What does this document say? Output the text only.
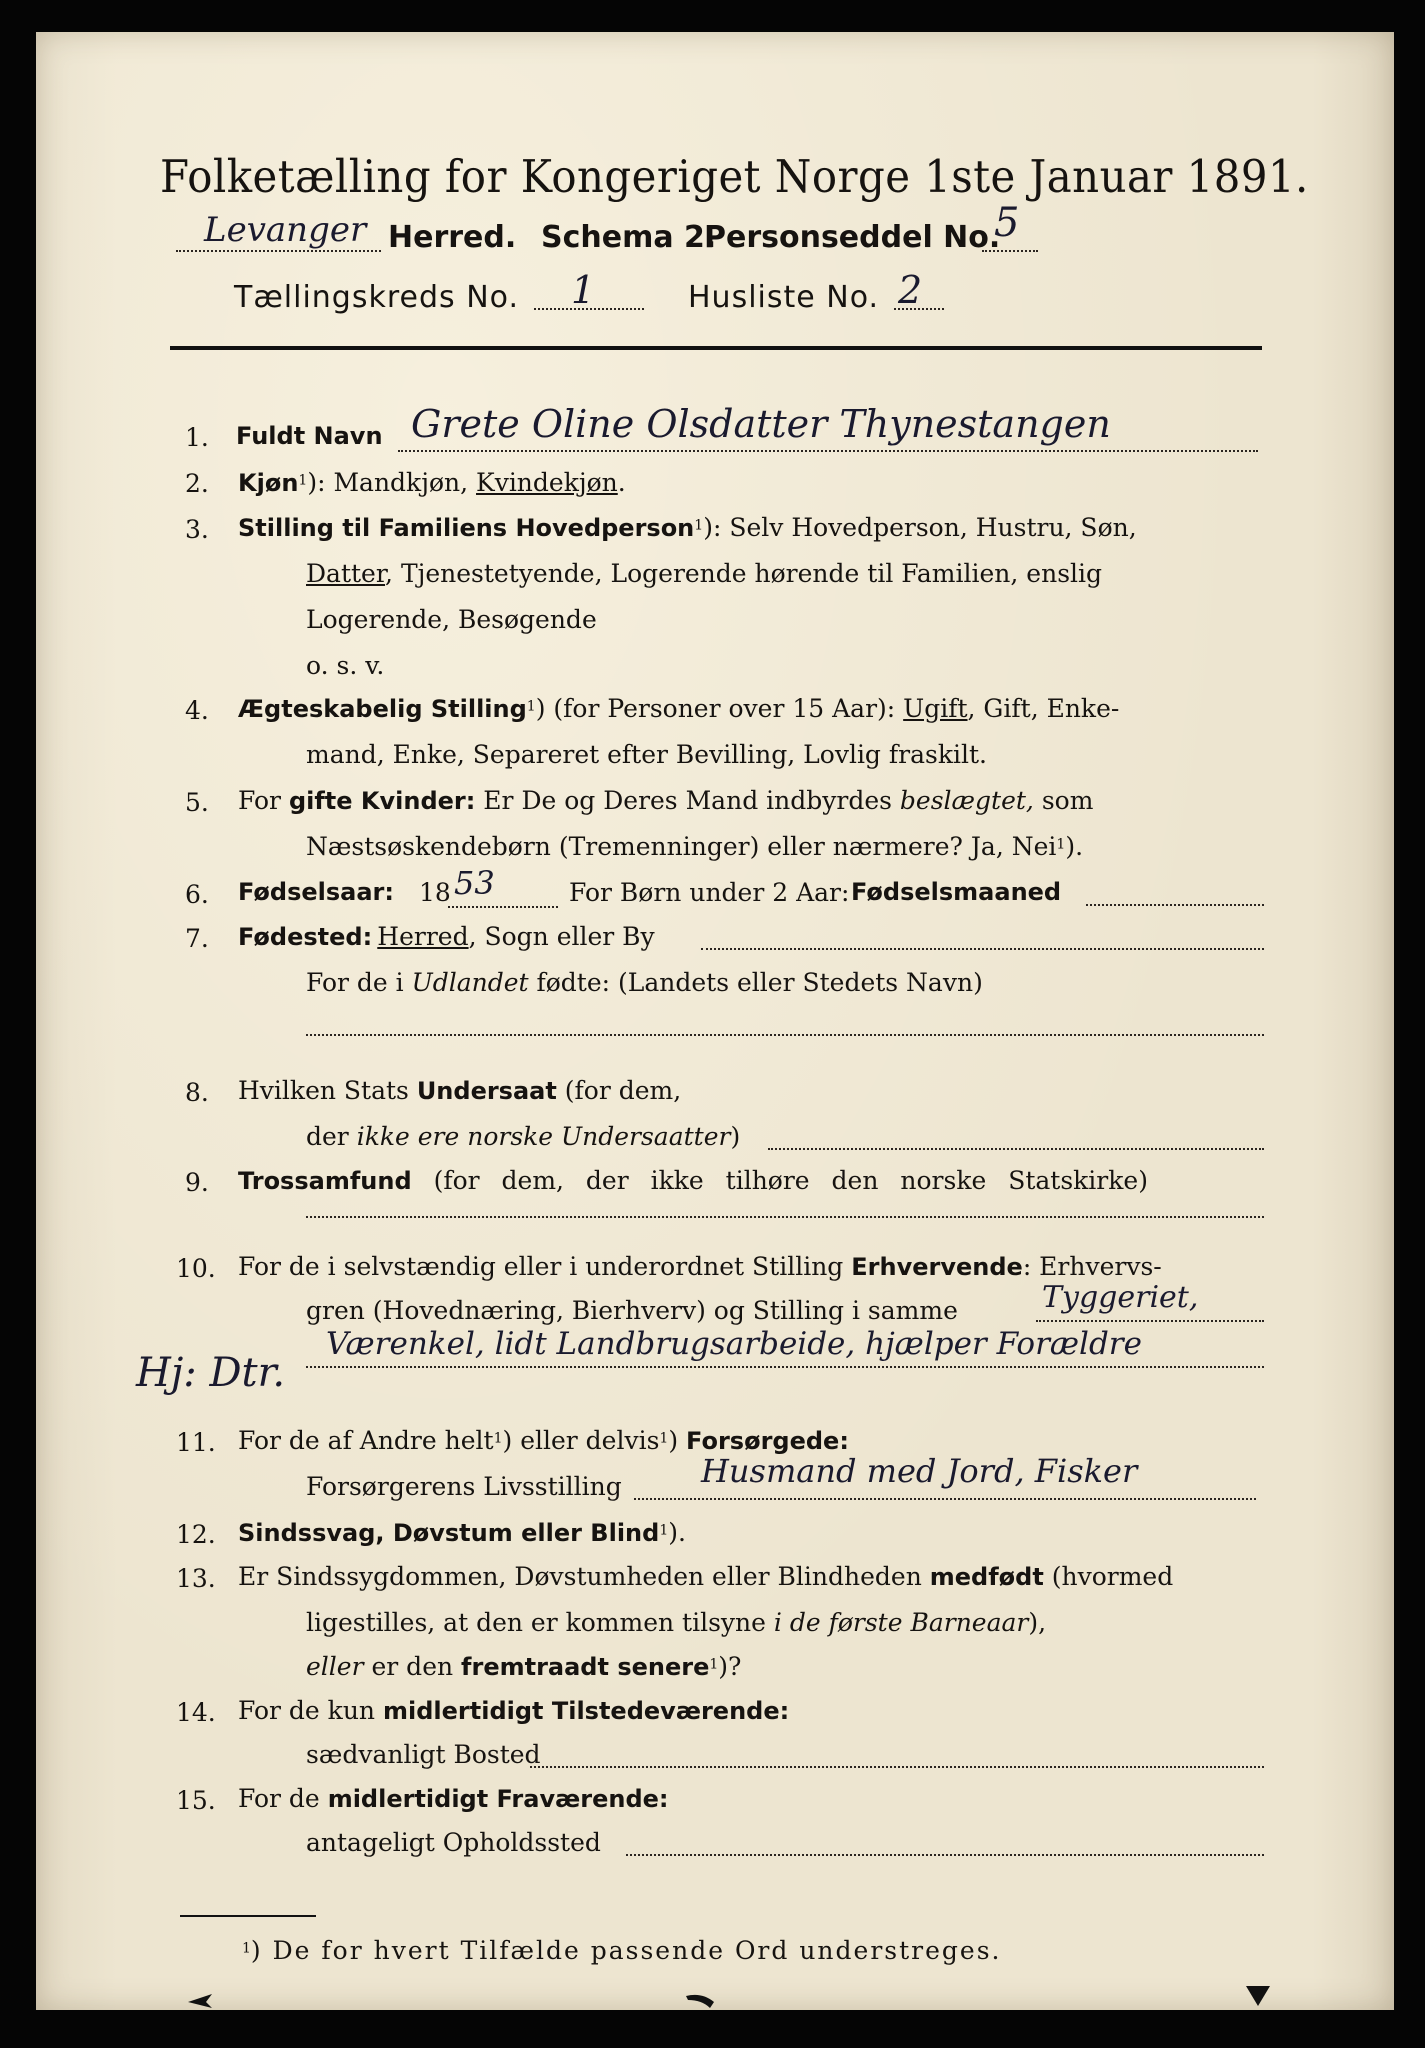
Folketælling for Kongeriget Norge 1ste Januar 1891.
Levanger Herred. Schema 2.
Personseddel No.
5
Tællingskreds No. 1	Husliste No. 2
1. Fuldt Navn Grete Oline Olsdatter Thynestangen
2. Kjøn$^1$): Mandkjøn, Kvindekjøn.
3. Stilling til Familiens Hovedperson$^1$): Selv Hovedperson, Hustru, Søn,
Datter, Tjenestetyende, Logerende hørende til Familien, enslig
Logerende, Besøgende
o. s. v.
4. Ægteskabelig Stilling$^1$) (for Personer over 15 Aar): Ugift, Gift, Enke-
mand, Enke, Separeret efter Bevilling, Lovlig fraskilt.
5. For gifte Kvinder: Er De og Deres Mand indbyrdes beslægtet, som
Næstsøskendebørn (Tremenninger) eller nærmere? Ja, Nei$^1$).
6. Fødselsaar: 18 53	For Børn under 2 Aar: Fødselsmaaned
7. Fødested: Herred, Sogn eller By
For de i Udlandet fødte: (Landets eller Stedets Navn)
8. Hvilken Stats Undersaat (for dem,
der ikke ere norske Undersaatter)
9. Trossamfund (for dem, der ikke tilhøre den norske Statskirke)
10. For de i selvstændig eller i underordnet Stilling Erhvervende: Erhvervs-
gren (Hovednæring, Bierhverv) og Stilling i samme	Tyggeriet,
Værenkel, lidt Landbrugsarbeide, hjælper Forældre
Hj: Dtr.
11. For de af Andre helt$^1$) eller delvis$^1$) Forsørgede:
Forsørgerens Livsstilling Husmand med Jord, Fisker
12. Sindssvag, Døvstum eller Blind$^1$).
13. Er Sindssygdommen, Døvstumheden eller Blindheden medfødt (hvormed
ligestilles, at den er kommen tilsyne i de første Barneaar),
eller er den fremtraadt senere$^1$)?
14. For de kun midlertidigt Tilstedeværende:
sædvanligt Bosted
15. For de midlertidigt Fraværende:
antageligt Opholdssted
$^1$) De for hvert Tilfælde passende Ord understreges.
